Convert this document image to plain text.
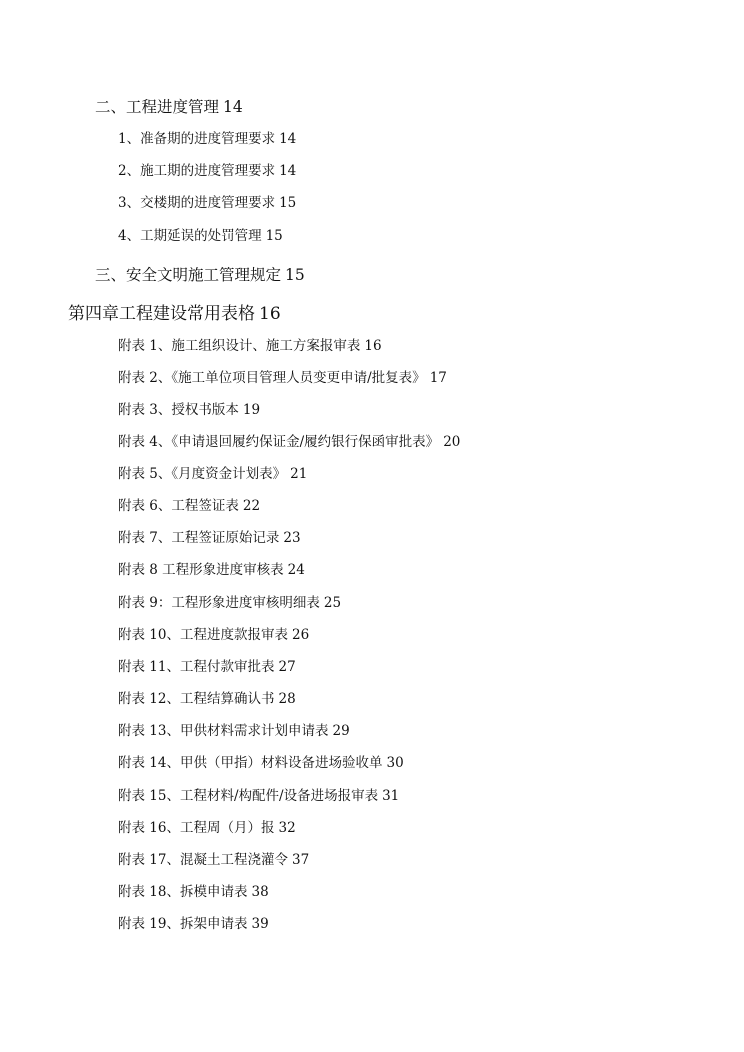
二、工程进度管理 14
1、准备期的进度管理要求 14
2、施工期的进度管理要求 14
3、交楼期的进度管理要求 15
4、工期延误的处罚管理 15
三、安全文明施工管理规定 15
第四章工程建设常用表格 16
附表 1、施工组织设计、施工方案报审表 16
附表 2、《施工单位项目管理人员变更申请/批复表》 17
附表 3、授权书版本 19
附表 4、《申请退回履约保证金/履约银行保函审批表》 20
附表 5、《月度资金计划表》 21
附表 6、工程签证表 22
附表 7、工程签证原始记录 23
附表 8 工程形象进度审核表 24
附表 9：工程形象进度审核明细表 25
附表 10、工程进度款报审表 26
附表 11、工程付款审批表 27
附表 12、工程结算确认书 28
附表 13、甲供材料需求计划申请表 29
附表 14、甲供（甲指）材料设备进场验收单 30
附表 15、工程材料/构配件/设备进场报审表 31
附表 16、工程周（月）报 32
附表 17、混凝土工程浇灌令 37
附表 18、拆模申请表 38
附表 19、拆架申请表 39
